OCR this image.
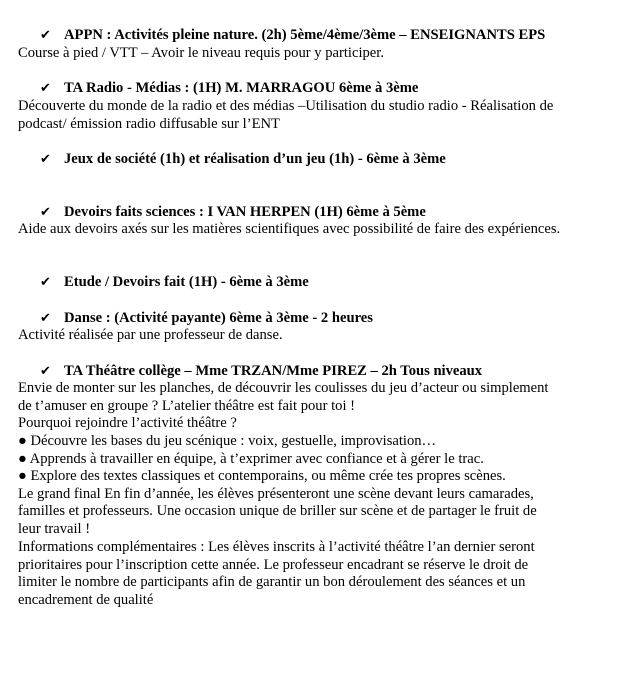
✔ APPN : Activités pleine nature. (2h) 5ème/4ème/3ème – ENSEIGNANTS EPS
Course à pied / VTT – Avoir le niveau requis pour y participer.
✔ TA Radio - Médias : (1H) M. MARRAGOU 6ème à 3ème
Découverte du monde de la radio et des médias –Utilisation du studio radio - Réalisation de
podcast/ émission radio diffusable sur l’ENT
✔ Jeux de société (1h) et réalisation d’un jeu (1h) - 6ème à 3ème
✔ Devoirs faits sciences : I VAN HERPEN (1H) 6ème à 5ème
Aide aux devoirs axés sur les matières scientifiques avec possibilité de faire des expériences.
✔ Etude / Devoirs fait (1H) - 6ème à 3ème
✔ Danse : (Activité payante) 6ème à 3ème - 2 heures
Activité réalisée par une professeur de danse.
✔ TA Théâtre collège – Mme TRZAN/Mme PIREZ – 2h Tous niveaux
Envie de monter sur les planches, de découvrir les coulisses du jeu d’acteur ou simplement
de t’amuser en groupe ? L’atelier théâtre est fait pour toi !
Pourquoi rejoindre l’activité théâtre ?
● Découvre les bases du jeu scénique : voix, gestuelle, improvisation…
● Apprends à travailler en équipe, à t’exprimer avec confiance et à gérer le trac.
● Explore des textes classiques et contemporains, ou même crée tes propres scènes.
Le grand final En fin d’année, les élèves présenteront une scène devant leurs camarades,
familles et professeurs. Une occasion unique de briller sur scène et de partager le fruit de
leur travail !
Informations complémentaires : Les élèves inscrits à l’activité théâtre l’an dernier seront
prioritaires pour l’inscription cette année. Le professeur encadrant se réserve le droit de
limiter le nombre de participants afin de garantir un bon déroulement des séances et un
encadrement de qualité
